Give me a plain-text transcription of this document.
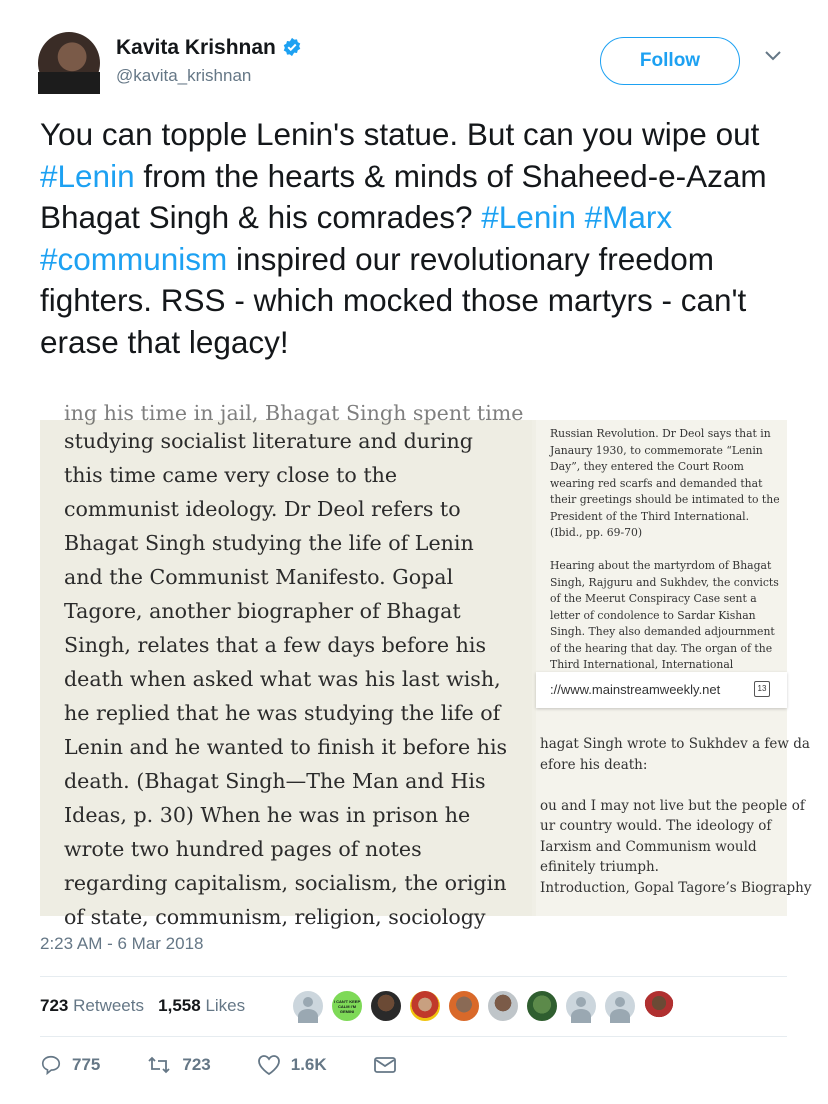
Kavita Krishnan
@kavita_krishnan
Follow
You can topple Lenin's statue. But can you wipe out #Lenin from the hearts & minds of Shaheed-e-Azam Bhagat Singh & his comrades? #Lenin #Marx #communism inspired our revolutionary freedom fighters. RSS - which mocked those martyrs - can't erase that legacy!
ing his time in jail, Bhagat Singh spent time
studying socialist literature and during
this time came very close to the
communist ideology. Dr Deol refers to
Bhagat Singh studying the life of Lenin
and the Communist Manifesto. Gopal
Tagore, another biographer of Bhagat
Singh, relates that a few days before his
death when asked what was his last wish,
he replied that he was studying the life of
Lenin and he wanted to finish it before his
death. (Bhagat Singh—The Man and His
Ideas, p. 30) When he was in prison he
wrote two hundred pages of notes
regarding capitalism, socialism, the origin
of state, communism, religion, sociology
Russian Revolution. Dr Deol says that in
Janaury 1930, to commemorate “Lenin
Day”, they entered the Court Room
wearing red scarfs and demanded that
their greetings should be intimated to the
President of the Third International.
(Ibid., pp. 69-70)

Hearing about the martyrdom of Bhagat
Singh, Rajguru and Sukhdev, the convicts
of the Meerut Conspiracy Case sent a
letter of condolence to Sardar Kishan
Singh. They also demanded adjournment
of the hearing that day. The organ of the
Third International, International
://www.mainstreamweekly.net	13
hagat Singh wrote to Sukhdev a few da
efore his death:

ou and I may not live but the people of
ur country would. The ideology of
Iarxism and Communism would
efinitely triumph.
Introduction, Gopal Tagore’s Biography
2:23 AM - 6 Mar 2018
723 Retweets 1,558 Likes	I CAN'T KEEP CALM I'M GEMINI
775	723	1.6K
